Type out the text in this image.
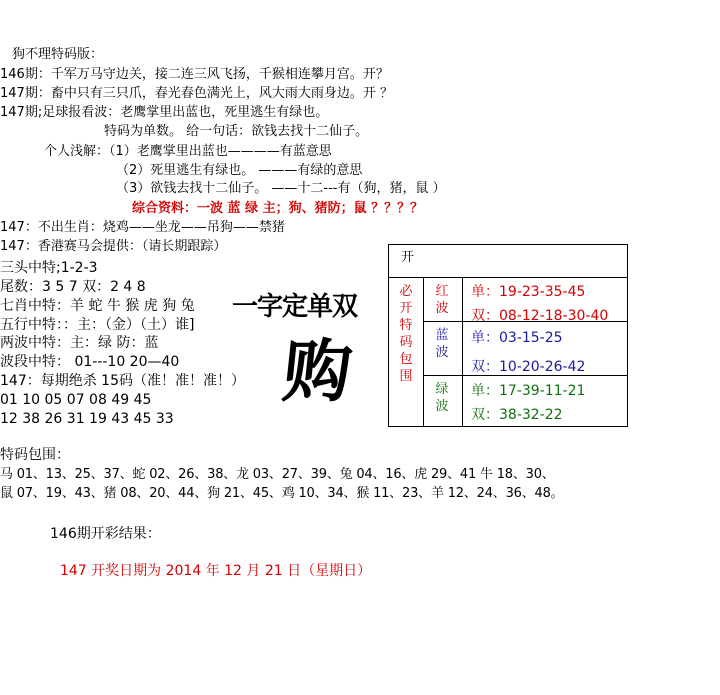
狗不理特码版：
146期：千军万马守边关，接二连三风飞扬，千猴相连攀月宫。开？
147期：畜中只有三只爪，春光春色满光上，风大雨大雨身边。开 ？
147期;足球报看波：老鹰掌里出蓝也，死里逃生有绿也。
特码为单数。 给一句话：欲钱去找十二仙子。
个人浅解：（1）老鹰掌里出蓝也————有蓝意思
（2）死里逃生有绿也。 ———有绿的意思
（3）欲钱去找十二仙子。 ——十二---有（狗，猪，鼠 ）
综合资料：一波 蓝 绿 主；狗、猪防；鼠 ？？？？
147：不出生肖：烧鸡——坐龙——吊狗——禁猪
147：香港赛马会提供：（请长期跟踪）
三头中特;1-2-3
尾数：3 5 7 双：2 4 8
七肖中特：羊 蛇 牛 猴 虎 狗 兔
五行中特：：主：（金）（土）谁]
两波中特：主：绿 防：蓝
波段中特： 01---10 20—40
147：每期绝杀 15码（准！准！准！）
01 10 05 07 08 49 45
12 38 26 31 19 43 45 33
一字定单双
购
开
必开特码包围
红波
蓝波
绿波
单：19-23-35-45
双：08-12-18-30-40
单：03-15-25
双：10-20-26-42
单：17-39-11-21
双：38-32-22
特码包围：
马 01、13、25、37、蛇 02、26、38、龙 03、27、39、兔 04、16、虎 29、41 牛 18、30、
鼠 07、19、43、猪 08、20、44、狗 21、45、鸡 10、34、猴 11、23、羊 12、24、36、48。
146期开彩结果：
147 开奖日期为 2014 年 12 月 21 日（星期日）
